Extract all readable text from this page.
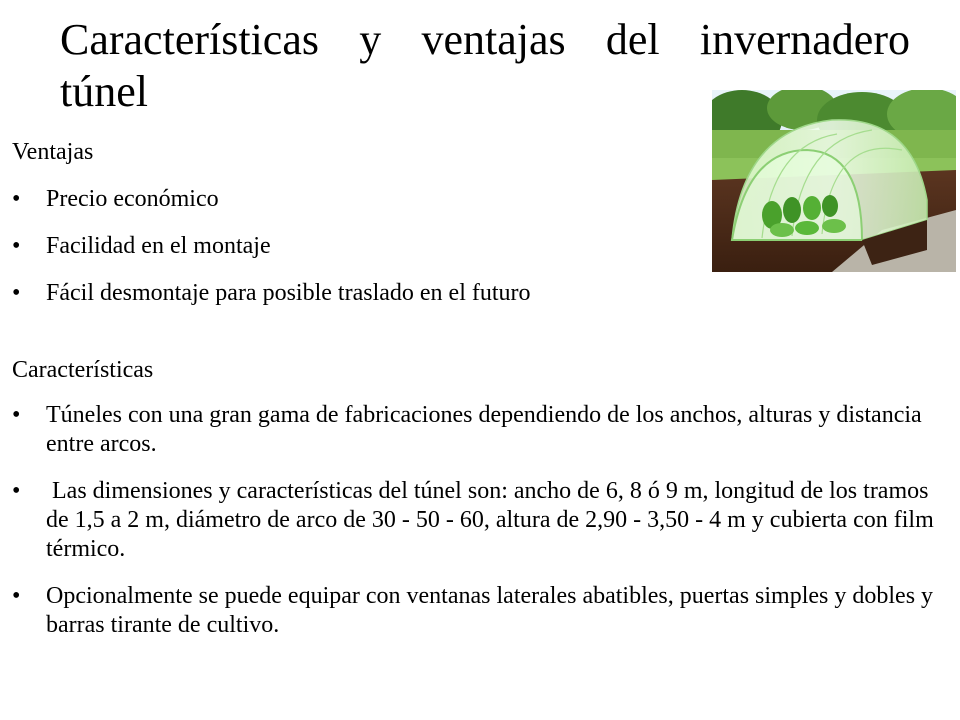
Características y ventajas del invernadero
túnel

Ventajas

• Precio económico
• Facilidad en el montaje
• Fácil desmontaje para posible traslado en el futuro

Características

• Túneles con una gran gama de fabricaciones dependiendo de los anchos, alturas y distancia entre arcos.
• Las dimensiones y características del túnel son: ancho de 6, 8 ó 9 m, longitud de los tramos de 1,5 a 2 m, diámetro de arco de 30 - 50 - 60, altura de 2,90 - 3,50 - 4 m y cubierta con film térmico.
• Opcionalmente se puede equipar con ventanas laterales abatibles, puertas simples y dobles y barras tirante de cultivo.
